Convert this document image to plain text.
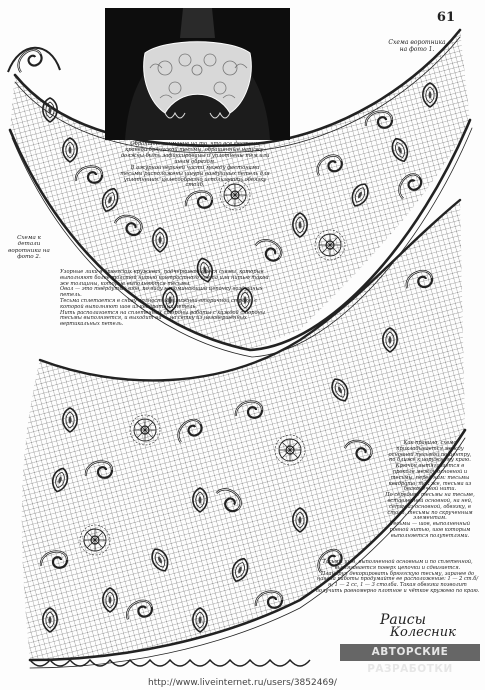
61
Обратите внимание на то, что все фестоны краевой брюггской тесьмы, обращенные наружу, должны быть зафиксированы и уплотнены тем или иным образом.
В ажурной верхней части между фестонами тесьмы расположены шнуры воздушных петель для уплотнения: целесообразно использовать обвязку столб.
Схема воротника на фото 1.
Схема к детали воротника на фото 2.
Узорные лики в брюггских кружевах, подчеркивающиеся схемы, которые выполняют более толстой нитью контрастного цвета или нитью такой же толщины, которые выполняются тесьмы.
Овал — это твёрдутый шов, по виду напоминающий цепочку воздушных петель.
Тесьма сплетается в снизу полностью в нижней вторичной строке, с которой выполняют шов из квадратных петель.
Нить располагается на сплетенных стороны работы с каждой стороны тесьмы выполняется, и выходит на — на сетку из незавершённых вертикальных петель.
Как правило, схема прикладывается между основной тесьмой по центру, по ближе к наружному краю. Крючок вытягивается в проколе между основной и тесьмы, перед ним: тесьмы квадрата, так же, тесьма из бесконечной нити.
По середине тесьмы на тесьме, вставленной основной, на ней, сетку из основной, обвязку, в столб, тесьмы по скрученным элементам.
Тесьмы — шов, выполненный ровной нитью, шов которым выполняется полупетлями.
Тасьмы шов, выполненной основным и по сплетенной, вытягивается поверх цепочки и сдвигается.
Планируя декорировать брюггскую тесьму, заранее до начала работы продумайте ее расположение: 1 — 2 ст.б/н, 1 — 2 сс, 1 — 3 столба. Такая обвязка позволит получить равномерно плотное и чёткое кружево по краю.
Раисы
Колесник
АВТОРСКИЕ РАЗРАБОТКИ
http://www.liveinternet.ru/users/3852469/
